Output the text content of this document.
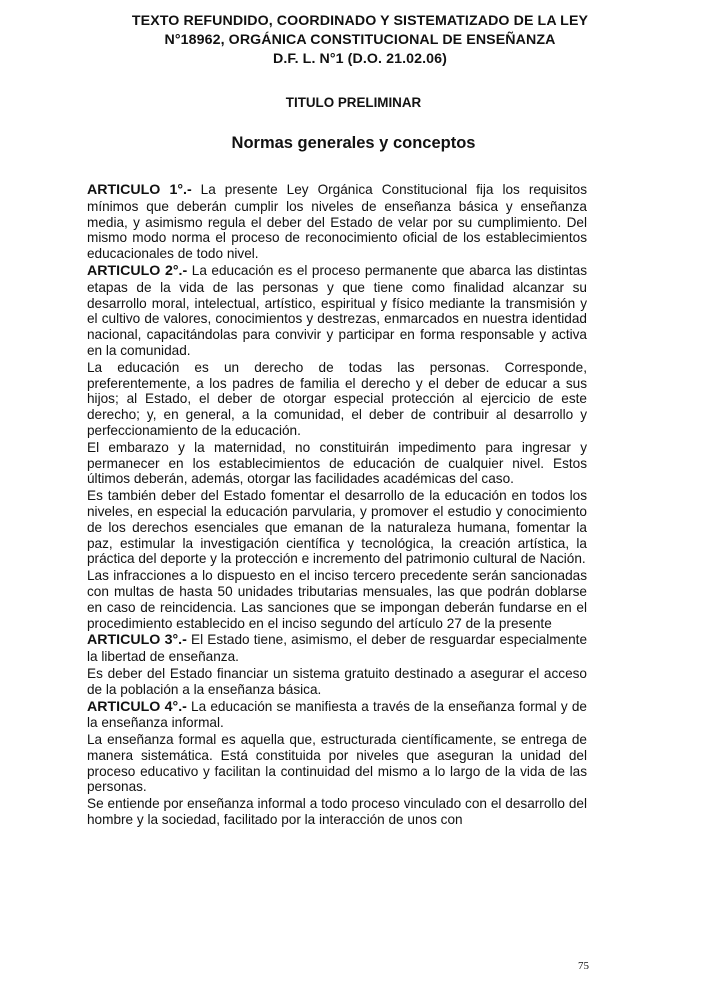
TEXTO REFUNDIDO, COORDINADO Y SISTEMATIZADO DE LA LEY
N°18962, ORGÁNICA CONSTITUCIONAL DE ENSEÑANZA
D.F. L. N°1 (D.O. 21.02.06)
TITULO PRELIMINAR
Normas generales y conceptos

ARTICULO 1°.- La presente Ley Orgánica Constitucional fija los requisitos mínimos que deberán cumplir los niveles de enseñanza básica y enseñanza media, y asimismo regula el deber del Estado de velar por su cumplimiento. Del mismo modo norma el proceso de reconocimiento oficial de los establecimientos educacionales de todo nivel.

ARTICULO 2°.- La educación es el proceso permanente que abarca las distintas etapas de la vida de las personas y que tiene como finalidad alcanzar su desarrollo moral, intelectual, artístico, espiritual y físico mediante la transmisión y el cultivo de valores, conocimientos y destrezas, enmarcados en nuestra identidad nacional, capacitándolas para convivir y participar en forma responsable y activa en la comunidad.

La educación es un derecho de todas las personas. Corresponde, preferentemente, a los padres de familia el derecho y el deber de educar a sus hijos; al Estado, el deber de otorgar especial protección al ejercicio de este derecho; y, en general, a la comunidad, el deber de contribuir al desarrollo y perfeccionamiento de la educación.

El embarazo y la maternidad, no constituirán impedimento para ingresar y permanecer en los establecimientos de educación de cualquier nivel. Estos últimos deberán, además, otorgar las facilidades académicas del caso.

Es también deber del Estado fomentar el desarrollo de la educación en todos los niveles, en especial la educación parvularia, y promover el estudio y conocimiento de los derechos esenciales que emanan de la naturaleza humana, fomentar la paz, estimular la investigación científica y tecnológica, la creación artística, la práctica del deporte y la protección e incremento del patrimonio cultural de Nación.

Las infracciones a lo dispuesto en el inciso tercero precedente serán sancionadas con multas de hasta 50 unidades tributarias mensuales, las que podrán doblarse en caso de reincidencia. Las sanciones que se impongan deberán fundarse en el procedimiento establecido en el inciso segundo del artículo 27 de la presente

ARTICULO 3°.- El Estado tiene, asimismo, el deber de resguardar especialmente la libertad de enseñanza.

Es deber del Estado financiar un sistema gratuito destinado a asegurar el acceso de la población a la enseñanza básica.

ARTICULO 4°.- La educación se manifiesta a través de la enseñanza formal y de la enseñanza informal.

La enseñanza formal es aquella que, estructurada científicamente, se entrega de manera sistemática. Está constituida por niveles que aseguran la unidad del proceso educativo y facilitan la continuidad del mismo a lo largo de la vida de las personas.

Se entiende por enseñanza informal a todo proceso vinculado con el desarrollo del hombre y la sociedad, facilitado por la interacción de unos con

75
